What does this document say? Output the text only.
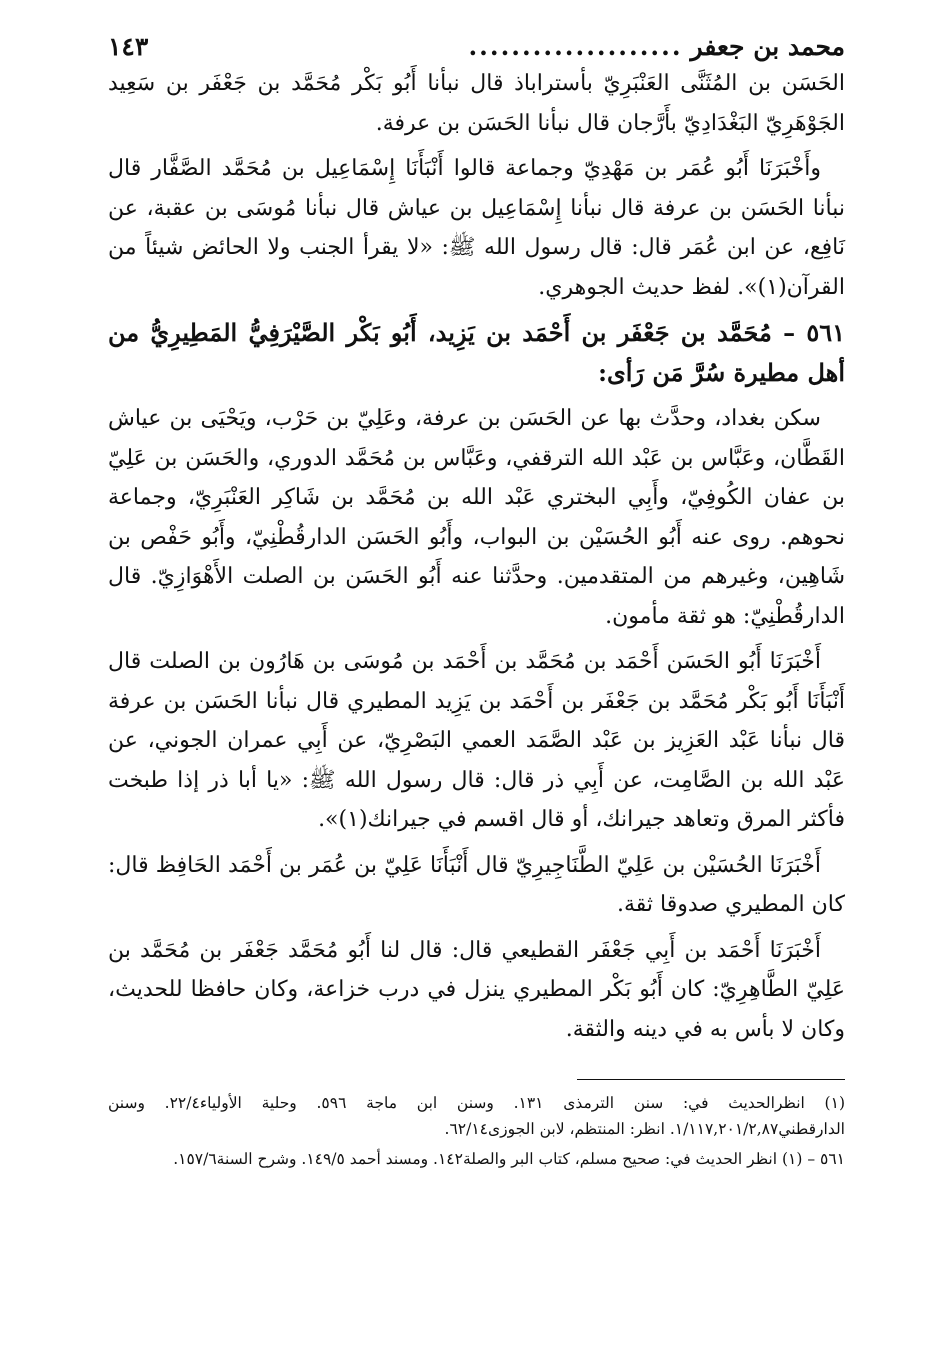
محمد بن جعفر
....................
١٤٣

الحَسَن بن المُثَنَّى العَنْبَرِيّ بأستراباذ قال نبأنا أَبُو بَكْر مُحَمَّد بن جَعْفَر بن سَعِيد الجَوْهَرِيّ البَغْدَادِيّ بأَرَّجان قال نبأنا الحَسَن بن عرفة.

وأَخْبَرَنَا أَبُو عُمَر بن مَهْدِيّ وجماعة قالوا أَنْبَأَنَا إِسْمَاعِيل بن مُحَمَّد الصَّفَّار قال نبأنا الحَسَن بن عرفة قال نبأنا إِسْمَاعِيل بن عياش قال نبأنا مُوسَى بن عقبة، عن نَافِع، عن ابن عُمَر قال: قال رسول الله ﷺ: «لا يقرأ الجنب ولا الحائض شيئاً من القرآن(١)». لفظ حديث الجوهري.

٥٦١ – مُحَمَّد بن جَعْفَر بن أَحْمَد بن يَزِيد، أَبُو بَكْر الصَّيْرَفِيُّ المَطِيرِيُّ من أهل مطيرة سُرَّ مَن رَأى:

سكن بغداد، وحدَّث بها عن الحَسَن بن عرفة، وعَلِيّ بن حَرْب، ويَحْيَى بن عياش القَطَّان، وعَبَّاس بن عَبْد الله الترقفي، وعَبَّاس بن مُحَمَّد الدوري، والحَسَن بن عَلِيّ بن عفان الكُوفِيّ، وأَبِي البختري عَبْد الله بن مُحَمَّد بن شَاكِر العَنْبَرِيّ، وجماعة نحوهم. روى عنه أَبُو الحُسَيْن بن البواب، وأَبُو الحَسَن الدارقُطْنِيّ، وأَبُو حَفْص بن شَاهِين، وغيرهم من المتقدمين. وحدَّثنا عنه أَبُو الحَسَن بن الصلت الأَهْوَازِيّ. قال الدارقُطْنِيّ: هو ثقة مأمون.

أَخْبَرَنَا أَبُو الحَسَن أَحْمَد بن مُحَمَّد بن أَحْمَد بن مُوسَى بن هَارُون بن الصلت قال أَنْبَأَنَا أَبُو بَكْر مُحَمَّد بن جَعْفَر بن أَحْمَد بن يَزِيد المطيري قال نبأنا الحَسَن بن عرفة قال نبأنا عَبْد العَزِيز بن عَبْد الصَّمَد العمي البَصْرِيّ، عن أَبِي عمران الجوني، عن عَبْد الله بن الصَّامِت، عن أَبِي ذر قال: قال رسول الله ﷺ: «يا أبا ذر إذا طبخت فأكثر المرق وتعاهد جيرانك، أو قال اقسم في جيرانك(١)».

أَخْبَرَنَا الحُسَيْن بن عَلِيّ الطَّنَاجِيرِيّ قال أَنْبَأَنَا عَلِيّ بن عُمَر بن أَحْمَد الحَافِظ قال: كان المطيري صدوقا ثقة.

أَخْبَرَنَا أَحْمَد بن أَبِي جَعْفَر القطيعي قال: قال لنا أَبُو مُحَمَّد جَعْفَر بن مُحَمَّد بن عَلِيّ الطَّاهِرِيّ: كان أَبُو بَكْر المطيري ينزل في درب خزاعة، وكان حافظا للحديث، وكان لا بأس به في دينه والثقة.

(١) انظرالحديث في: سنن الترمذى ١٣١. وسنن ابن ماجة ٥٩٦. وحلية الأولياء٢٢/٤. وسنن الدارقطني١/١١٧,٢٠١/٢,٨٧. انظر: المنتظم، لابن الجوزى٦٢/١٤.

٥٦١ – (١) انظر الحديث في: صحيح مسلم، كتاب البر والصلة١٤٢. ومسند أحمد ١٤٩/٥. وشرح السنة١٥٧/٦.
